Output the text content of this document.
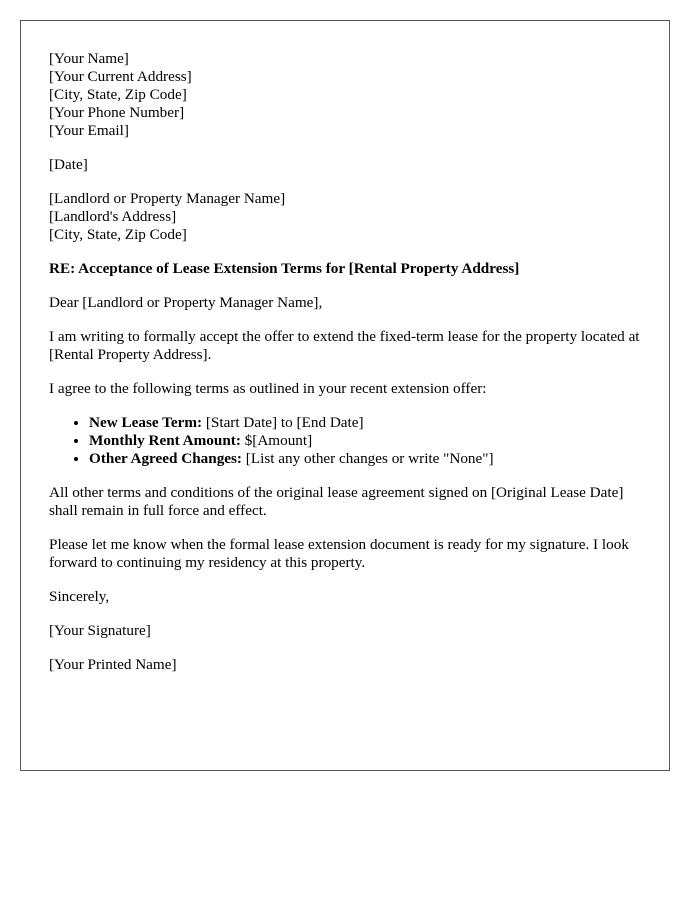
[Your Name]
[Your Current Address]
[City, State, Zip Code]
[Your Phone Number]
[Your Email]
[Date]
[Landlord or Property Manager Name]
[Landlord's Address]
[City, State, Zip Code]

RE: Acceptance of Lease Extension Terms for [Rental Property Address]

Dear [Landlord or Property Manager Name],

I am writing to formally accept the offer to extend the fixed-term lease for the property located at [Rental Property Address].

I agree to the following terms as outlined in your recent extension offer:

• New Lease Term: [Start Date] to [End Date]
• Monthly Rent Amount: $[Amount]
• Other Agreed Changes: [List any other changes or write "None"]

All other terms and conditions of the original lease agreement signed on [Original Lease Date] shall remain in full force and effect.

Please let me know when the formal lease extension document is ready for my signature. I look forward to continuing my residency at this property.

Sincerely,

[Your Signature]

[Your Printed Name]
